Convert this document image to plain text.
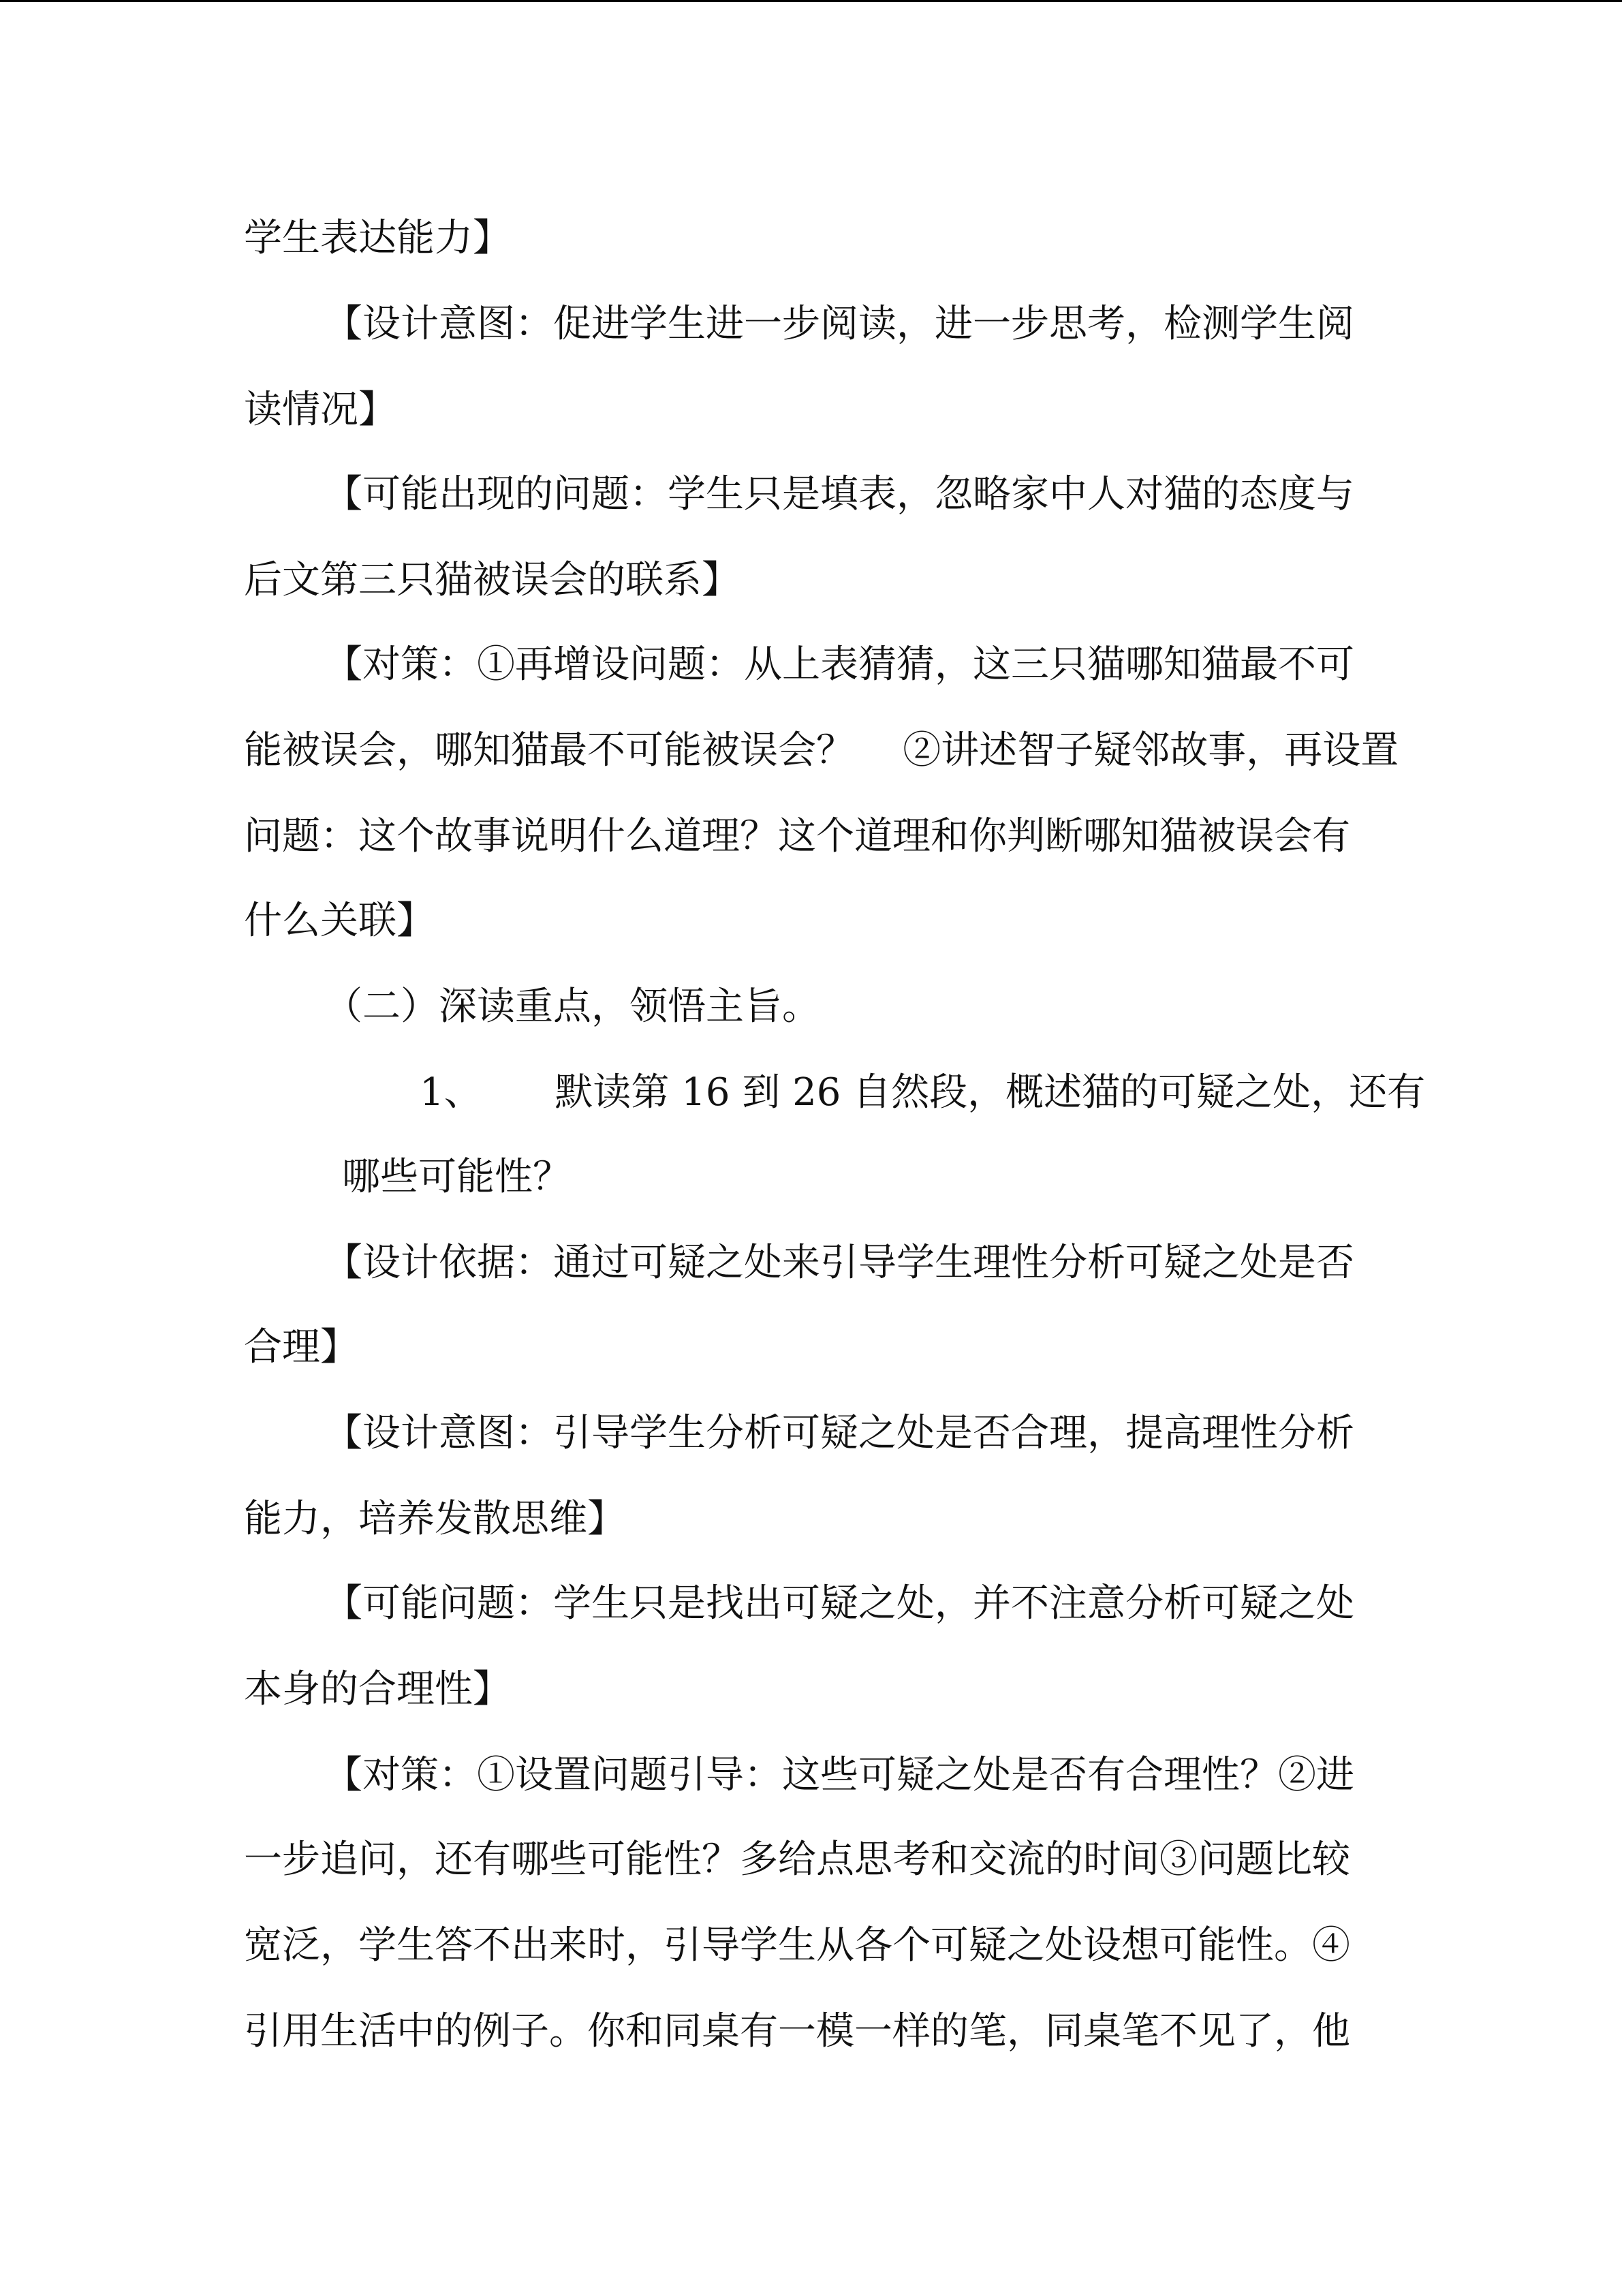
学生表达能力】

【设计意图：促进学生进一步阅读，进一步思考，检测学生阅

读情况】

【可能出现的问题：学生只是填表，忽略家中人对猫的态度与

后文第三只猫被误会的联系】

【对策：①再增设问题：从上表猜猜，这三只猫哪知猫最不可

能被误会，哪知猫最不可能被误会？    ②讲述智子疑邻故事，再设置

问题：这个故事说明什么道理？这个道理和你判断哪知猫被误会有

什么关联】

（二）深读重点，领悟主旨。

1、      默读第 16 到 26 自然段，概述猫的可疑之处，还有

哪些可能性？

【设计依据：通过可疑之处来引导学生理性分析可疑之处是否

合理】

【设计意图：引导学生分析可疑之处是否合理，提高理性分析

能力，培养发散思维】

【可能问题：学生只是找出可疑之处，并不注意分析可疑之处

本身的合理性】

【对策：①设置问题引导：这些可疑之处是否有合理性？②进

一步追问，还有哪些可能性？多给点思考和交流的时间③问题比较

宽泛，学生答不出来时，引导学生从各个可疑之处设想可能性。④

引用生活中的例子。你和同桌有一模一样的笔，同桌笔不见了，他
